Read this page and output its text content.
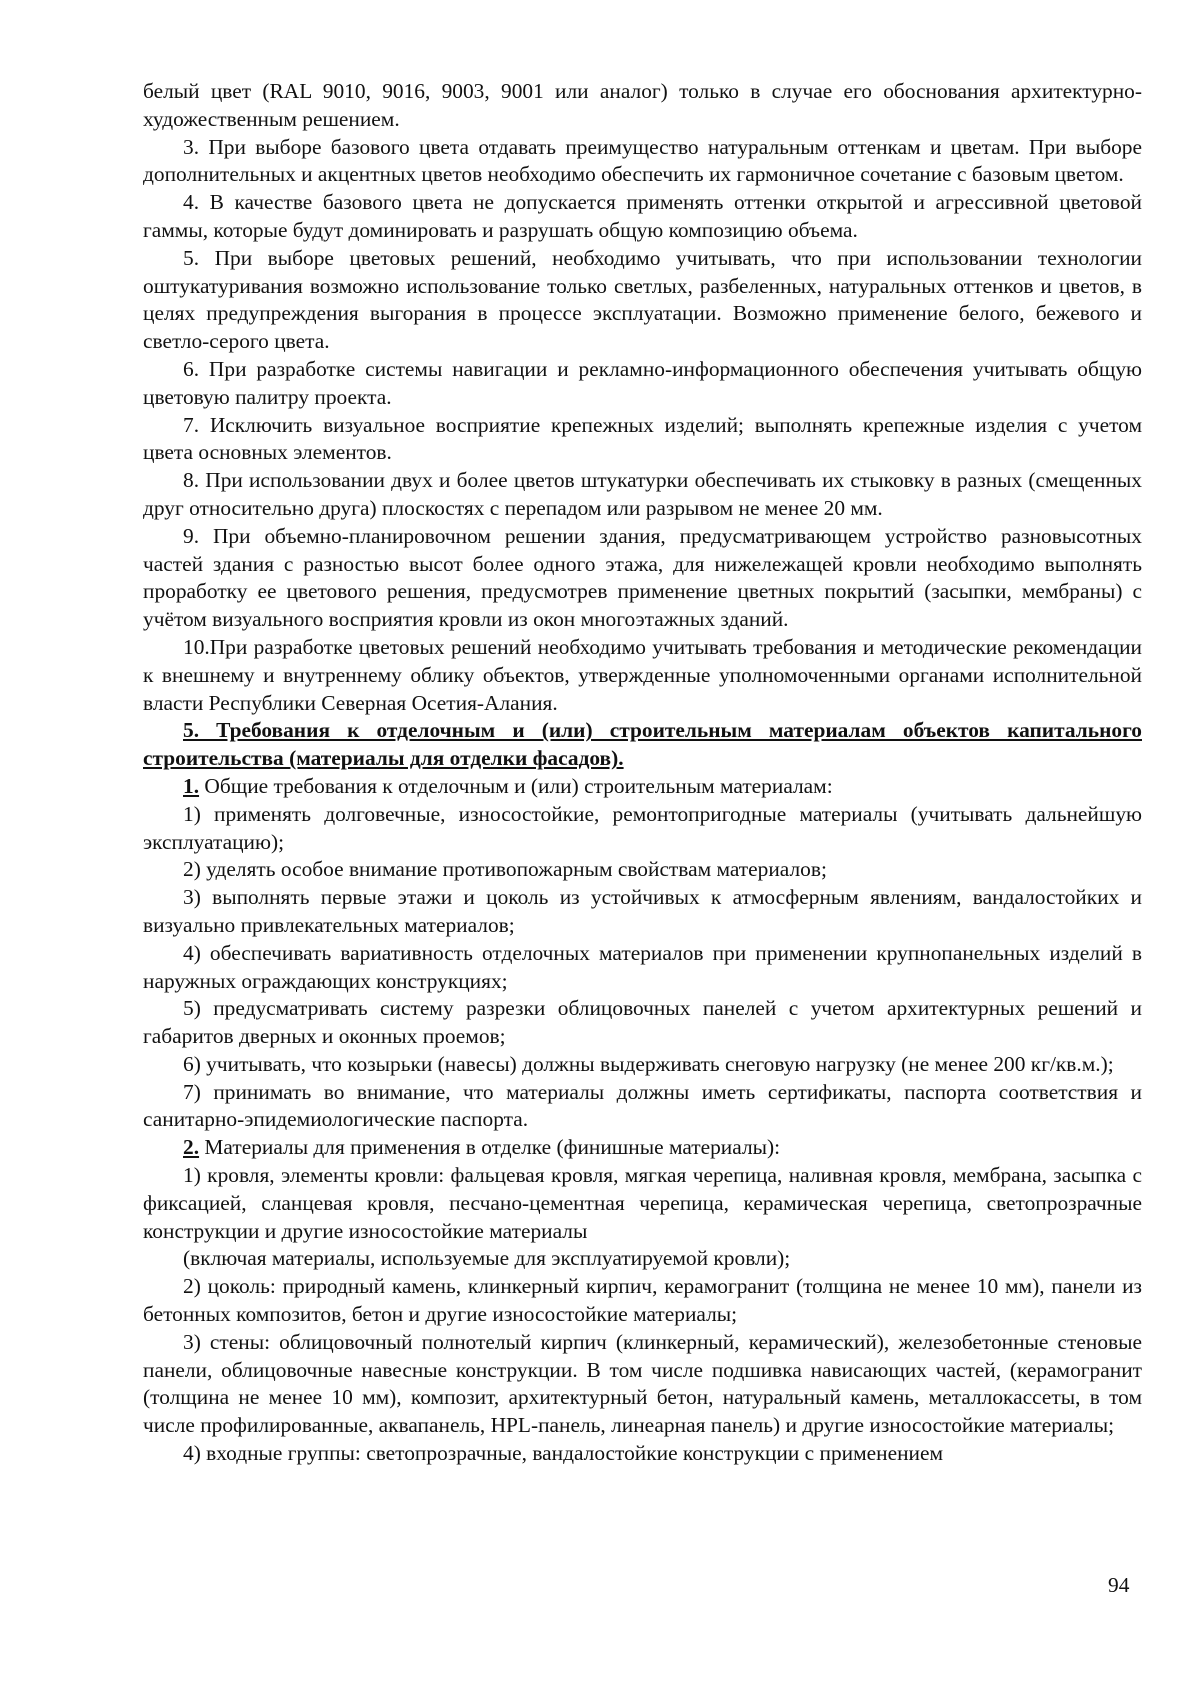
белый цвет (RAL 9010, 9016, 9003, 9001 или аналог) только в случае его обоснования архитектурно-художественным решением.

3. При выборе базового цвета отдавать преимущество натуральным оттенкам и цветам. При выборе дополнительных и акцентных цветов необходимо обеспечить их гармоничное сочетание с базовым цветом.

4. В качестве базового цвета не допускается применять оттенки открытой и агрессивной цветовой гаммы, которые будут доминировать и разрушать общую композицию объема.

5. При выборе цветовых решений, необходимо учитывать, что при использовании технологии оштукатуривания возможно использование только светлых, разбеленных, натуральных оттенков и цветов, в целях предупреждения выгорания в процессе эксплуатации. Возможно применение белого, бежевого и светло-серого цвета.

6. При разработке системы навигации и рекламно-информационного обеспечения учитывать общую цветовую палитру проекта.

7. Исключить визуальное восприятие крепежных изделий; выполнять крепежные изделия с учетом цвета основных элементов.

8. При использовании двух и более цветов штукатурки обеспечивать их стыковку в разных (смещенных друг относительно друга) плоскостях с перепадом или разрывом не менее 20 мм.

9. При объемно-планировочном решении здания, предусматривающем устройство разновысотных частей здания с разностью высот более одного этажа, для нижележащей кровли необходимо выполнять проработку ее цветового решения, предусмотрев применение цветных покрытий (засыпки, мембраны) с учётом визуального восприятия кровли из окон многоэтажных зданий.

10.При разработке цветовых решений необходимо учитывать требования и методические рекомендации к внешнему и внутреннему облику объектов, утвержденные уполномоченными органами исполнительной власти Республики Северная Осетия-Алания.

5. Требования к отделочным и (или) строительным материалам объектов капитального строительства (материалы для отделки фасадов).

1. Общие требования к отделочным и (или) строительным материалам:

1) применять долговечные, износостойкие, ремонтопригодные материалы (учитывать дальнейшую эксплуатацию);

2) уделять особое внимание противопожарным свойствам материалов;

3) выполнять первые этажи и цоколь из устойчивых к атмосферным явлениям, вандалостойких и визуально привлекательных материалов;

4) обеспечивать вариативность отделочных материалов при применении крупнопанельных изделий в наружных ограждающих конструкциях;

5) предусматривать систему разрезки облицовочных панелей с учетом архитектурных решений и габаритов дверных и оконных проемов;

6) учитывать, что козырьки (навесы) должны выдерживать снеговую нагрузку (не менее 200 кг/кв.м.);

7) принимать во внимание, что материалы должны иметь сертификаты, паспорта соответствия и санитарно-эпидемиологические паспорта.

2. Материалы для применения в отделке (финишные материалы):

1) кровля, элементы кровли: фальцевая кровля, мягкая черепица, наливная кровля, мембрана, засыпка с фиксацией, сланцевая кровля, песчано-цементная черепица, керамическая черепица, светопрозрачные конструкции и другие износостойкие материалы

(включая материалы, используемые для эксплуатируемой кровли);

2) цоколь: природный камень, клинкерный кирпич, керамогранит (толщина не менее 10 мм), панели из бетонных композитов, бетон и другие износостойкие материалы;

3) стены: облицовочный полнотелый кирпич (клинкерный, керамический), железобетонные стеновые панели, облицовочные навесные конструкции. В том числе подшивка нависающих частей, (керамогранит (толщина не менее 10 мм), композит, архитектурный бетон, натуральный камень, металлокассеты, в том числе профилированные, аквапанель, HPL-панель, линеарная панель) и другие износостойкие материалы;

4) входные группы: светопрозрачные, вандалостойкие конструкции с применением

94
